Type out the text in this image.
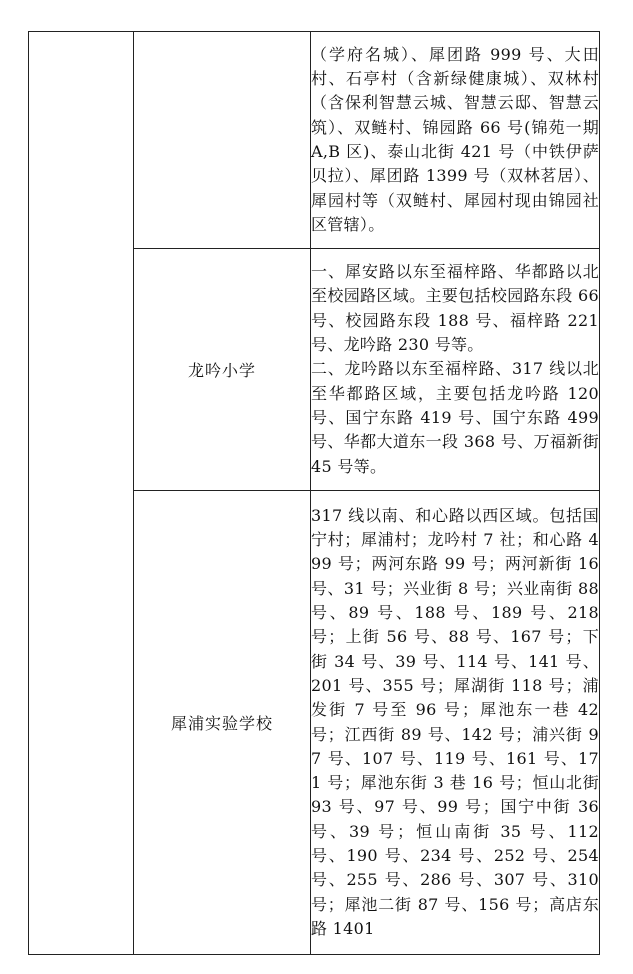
		（学府名城）、犀团路 999 号、大田村、石亭村（含新绿健康城）、双林村（含保利智慧云城、智慧云邸、智慧云筑）、双鲢村、锦园路 66 号(锦苑一期 A,B 区)、泰山北街 421 号（中铁伊萨贝拉）、犀团路 1399 号（双林茗居）、犀园村等（双鲢村、犀园村现由锦园社区管辖）。

	龙吟小学	一、犀安路以东至福梓路、华都路以北至校园路区域。主要包括校园路东段 66 号、校园路东段 188 号、福梓路 221 号、龙吟路 230 号等。
二、龙吟路以东至福梓路、317 线以北至华都路区域，主要包括龙吟路 120 号、国宁东路 419 号、国宁东路 499 号、华都大道东一段 368 号、万福新街 45 号等。

	犀浦实验学校	317 线以南、和心路以西区域。包括国宁村；犀浦村；龙吟村 7 社；和心路 499 号；两河东路 99 号；两河新街 16 号、31 号；兴业街 8 号；兴业南街 88 号、89 号、188 号、189 号、218 号；上街 56 号、88 号、167 号；下街 34 号、39 号、114 号、141 号、201 号、355 号；犀湖街 118 号；浦发街 7 号至 96 号；犀池东一巷 42 号；江西街 89 号、142 号；浦兴街 97 号、107 号、119 号、161 号、171 号；犀池东街 3 巷 16 号；恒山北街 93 号、97 号、99 号；国宁中街 36 号、39 号；恒山南街 35 号、112 号、190 号、234 号、252 号、254 号、255 号、286 号、307 号、310 号；犀池二街 87 号、156 号；高店东路 1401
